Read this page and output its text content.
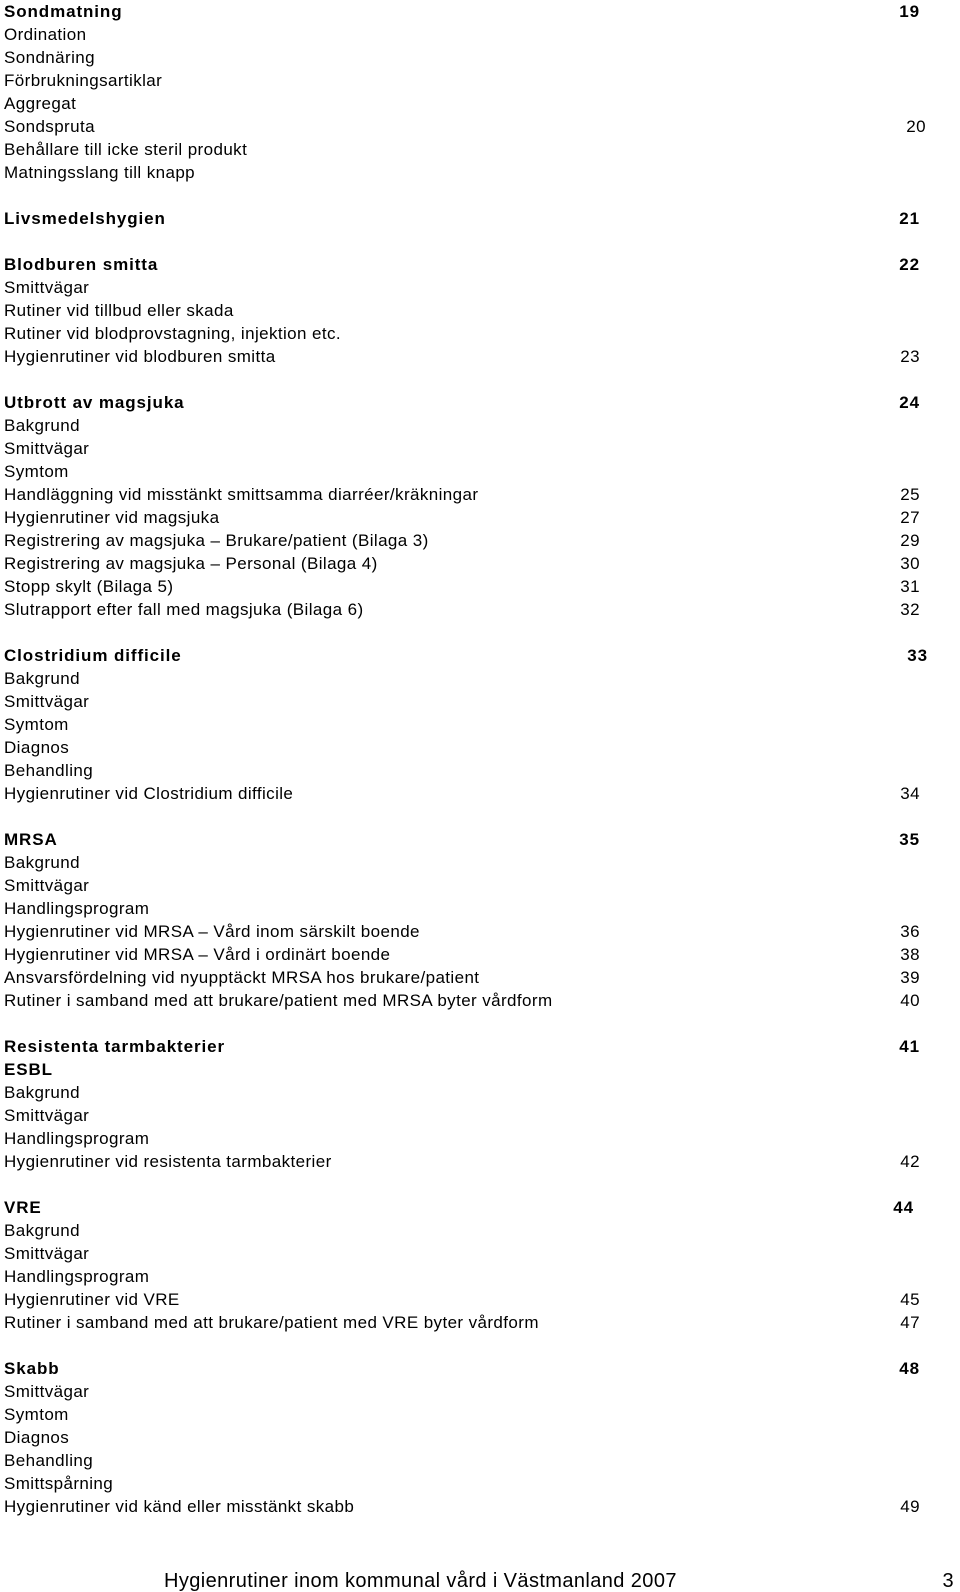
Sondmatning	19
Ordination
Sondnäring
Förbrukningsartiklar
Aggregat
Sondspruta	20
Behållare till icke steril produkt
Matningsslang till knapp
Livsmedelshygien	21
Blodburen smitta	22
Smittvägar
Rutiner vid tillbud eller skada
Rutiner vid blodprovstagning, injektion etc.
Hygienrutiner vid blodburen smitta	23
Utbrott av magsjuka	24
Bakgrund
Smittvägar
Symtom
Handläggning vid misstänkt smittsamma diarréer/kräkningar	25
Hygienrutiner vid magsjuka	27
Registrering av magsjuka – Brukare/patient (Bilaga 3)	29
Registrering av magsjuka – Personal (Bilaga 4)	30
Stopp skylt (Bilaga 5)	31
Slutrapport efter fall med magsjuka (Bilaga 6)	32
Clostridium difficile	33
Bakgrund
Smittvägar
Symtom
Diagnos
Behandling
Hygienrutiner vid Clostridium difficile	34
MRSA	35
Bakgrund
Smittvägar
Handlingsprogram
Hygienrutiner vid MRSA – Vård inom särskilt boende	36
Hygienrutiner vid MRSA – Vård i ordinärt boende	38
Ansvarsfördelning vid nyupptäckt MRSA hos brukare/patient	39
Rutiner i samband med att brukare/patient med MRSA byter vårdform	40
Resistenta tarmbakterier	41
ESBL
Bakgrund
Smittvägar
Handlingsprogram
Hygienrutiner vid resistenta tarmbakterier	42
VRE	44
Bakgrund
Smittvägar
Handlingsprogram
Hygienrutiner vid VRE	45
Rutiner i samband med att brukare/patient med VRE byter vårdform	47
Skabb	48
Smittvägar
Symtom
Diagnos
Behandling
Smittspårning
Hygienrutiner vid känd eller misstänkt skabb	49
Hygienrutiner inom kommunal vård i Västmanland 2007	3
